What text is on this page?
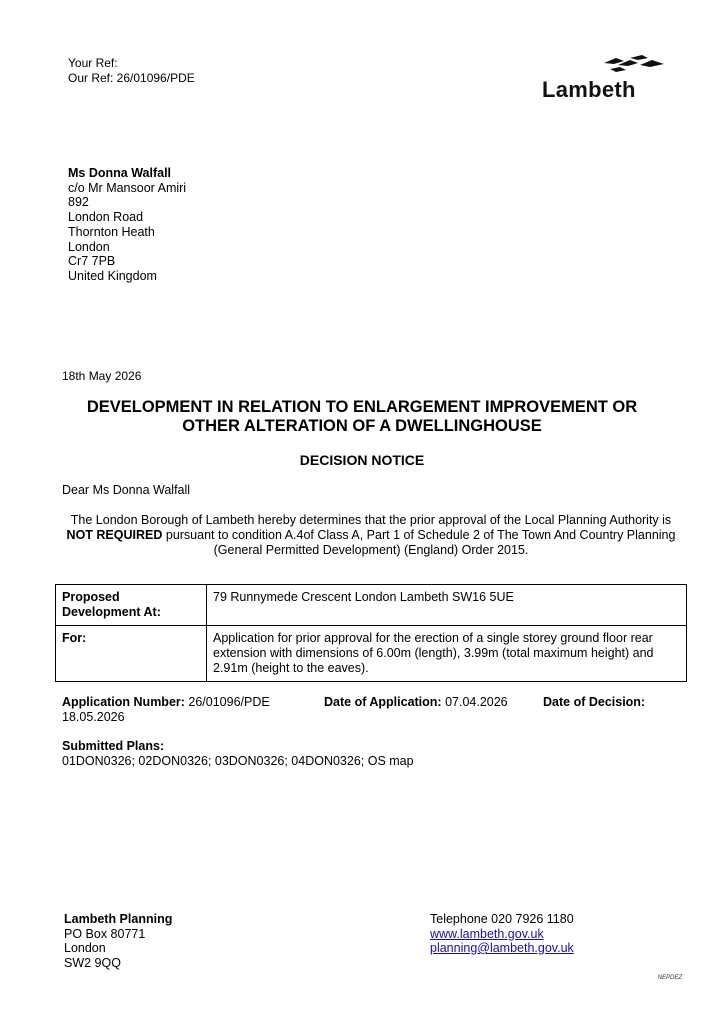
Your Ref:
Our Ref: 26/01096/PDE	Lambeth
Ms Donna Walfall
c/o Mr Mansoor Amiri
892
London Road
Thornton Heath
London
Cr7 7PB
United Kingdom
18th May 2026
DEVELOPMENT IN RELATION TO ENLARGEMENT IMPROVEMENT OR
OTHER ALTERATION OF A DWELLINGHOUSE
DECISION NOTICE
Dear Ms Donna Walfall
The London Borough of Lambeth hereby determines that the prior approval of the Local Planning Authority is
NOT REQUIRED pursuant to condition A.4of Class A, Part 1 of Schedule 2 of The Town And Country Planning (General Permitted Development) (England) Order 2015.
Proposed Development At:	79 Runnymede Crescent London Lambeth SW16 5UE
For:	Application for prior approval for the erection of a single storey ground floor rear extension with dimensions of 6.00m (length), 3.99m (total maximum height) and 2.91m (height to the eaves).
Application Number: 26/01096/PDE	Date of Application: 07.04.2026	Date of Decision:
18.05.2026
Submitted Plans:
01DON0326; 02DON0326; 03DON0326; 04DON0326; OS map
Lambeth Planning
PO Box 80771
London
SW2 9QQ
Telephone 020 7926 1180
www.lambeth.gov.uk
planning@lambeth.gov.uk
NEPDEZ
